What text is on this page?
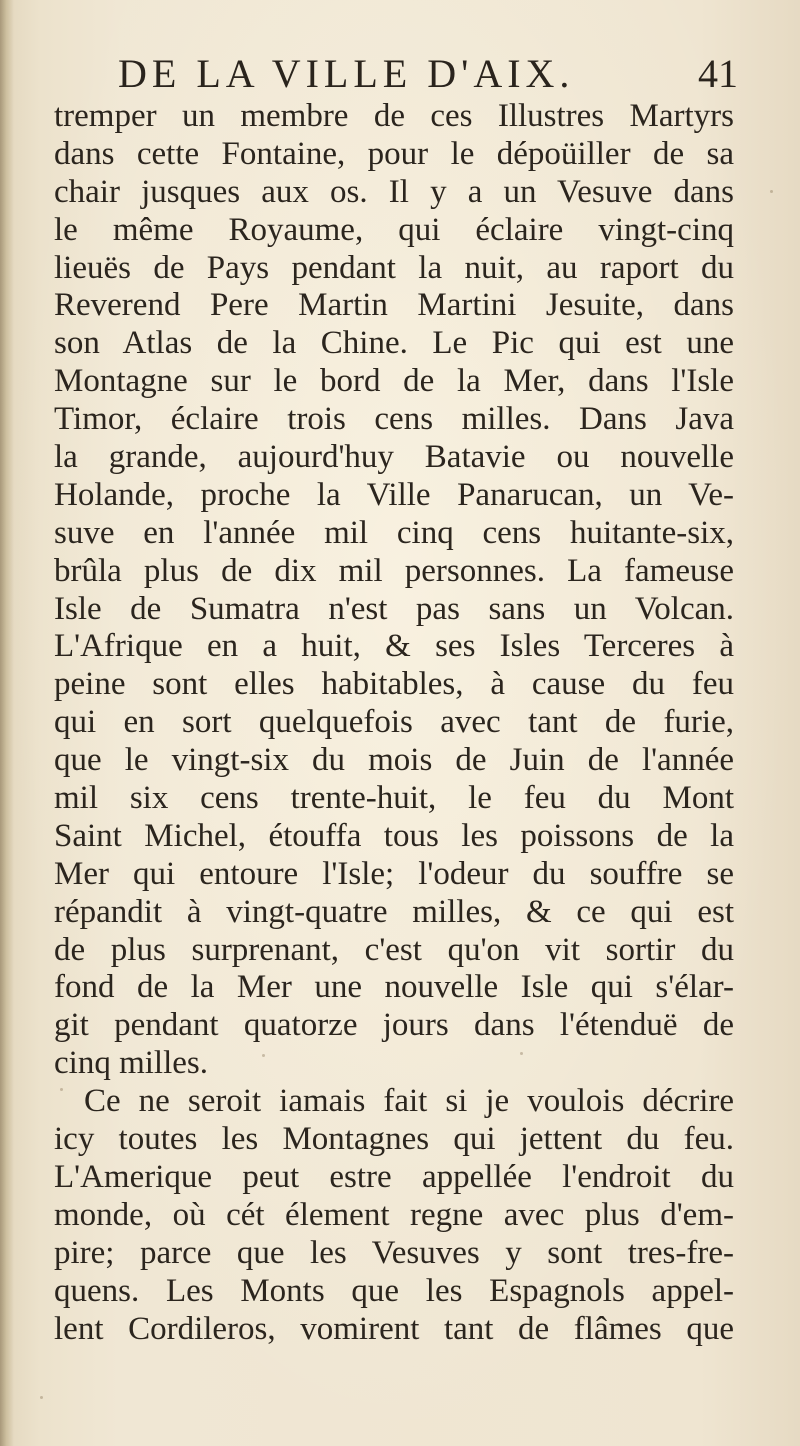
DE LA VILLE D'AIX.	41
tremper un membre de ces Illustres Martyrs
dans cette Fontaine, pour le dépoüiller de sa
chair jusques aux os. Il y a un Vesuve dans
le même Royaume, qui éclaire vingt-cinq
lieuës de Pays pendant la nuit, au raport du
Reverend Pere Martin Martini Jesuite, dans
son Atlas de la Chine. Le Pic qui est une
Montagne sur le bord de la Mer, dans l'Isle
Timor, éclaire trois cens milles. Dans Java
la grande, aujourd'huy Batavie ou nouvelle
Holande, proche la Ville Panarucan, un Ve-
suve en l'année mil cinq cens huitante-six,
brûla plus de dix mil personnes. La fameuse
Isle de Sumatra n'est pas sans un Volcan.
L'Afrique en a huit, & ses Isles Terceres à
peine sont elles habitables, à cause du feu
qui en sort quelquefois avec tant de furie,
que le vingt-six du mois de Juin de l'année
mil six cens trente-huit, le feu du Mont
Saint Michel, étouffa tous les poissons de la
Mer qui entoure l'Isle; l'odeur du souffre se
répandit à vingt-quatre milles, & ce qui est
de plus surprenant, c'est qu'on vit sortir du
fond de la Mer une nouvelle Isle qui s'élar-
git pendant quatorze jours dans l'étenduë de
cinq milles.
Ce ne seroit iamais fait si je voulois décrire
icy toutes les Montagnes qui jettent du feu.
L'Amerique peut estre appellée l'endroit du
monde, où cét élement regne avec plus d'em-
pire; parce que les Vesuves y sont tres-fre-
quens. Les Monts que les Espagnols appel-
lent Cordileros, vomirent tant de flâmes que
